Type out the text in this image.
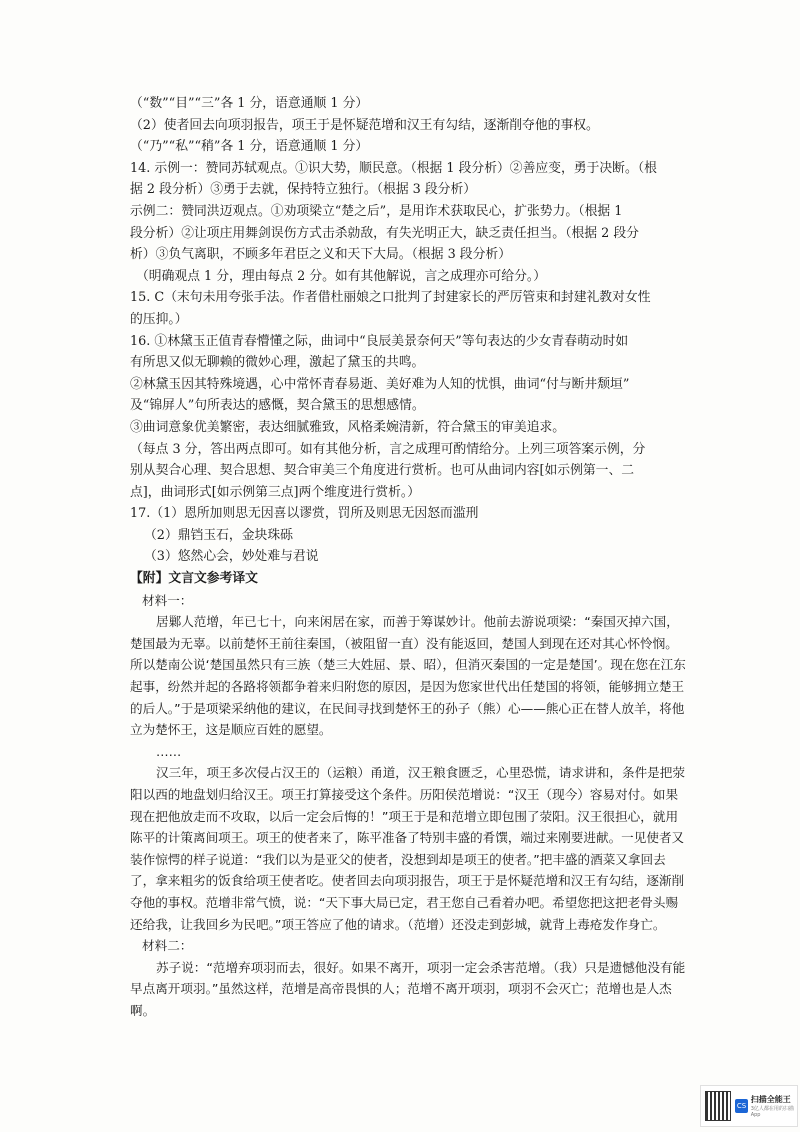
（“数”“目”“三”各 1 分，语意通顺 1 分）

（2）使者回去向项羽报告，项王于是怀疑范增和汉王有勾结，逐渐削夺他的事权。

（“乃”“私”“稍”各 1 分，语意通顺 1 分）

14. 示例一：赞同苏轼观点。①识大势，顺民意。（根据 1 段分析）②善应变，勇于决断。（根

据 2 段分析）③勇于去就，保持特立独行。（根据 3 段分析）

示例二：赞同洪迈观点。①劝项梁立“楚之后”，是用诈术获取民心，扩张势力。（根据 1

段分析）②让项庄用舞剑误伤方式击杀勍敌，有失光明正大，缺乏责任担当。（根据 2 段分

析）③负气离职，不顾多年君臣之义和天下大局。（根据 3 段分析）

（明确观点 1 分，理由每点 2 分。如有其他解说，言之成理亦可给分。）

15. C（末句未用夸张手法。作者借杜丽娘之口批判了封建家长的严厉管束和封建礼教对女性

的压抑。）

16. ①林黛玉正值青春懵懂之际，曲词中“良辰美景奈何天”等句表达的少女青春萌动时如

有所思又似无聊赖的微妙心理，激起了黛玉的共鸣。

②林黛玉因其特殊境遇，心中常怀青春易逝、美好难为人知的忧惧，曲词“付与断井颓垣”

及“锦屏人”句所表达的感慨，契合黛玉的思想感情。

③曲词意象优美繁密，表达细腻雅致，风格柔婉清新，符合黛玉的审美追求。

（每点 3 分，答出两点即可。如有其他分析，言之成理可酌情给分。上列三项答案示例，分

别从契合心理、契合思想、契合审美三个角度进行赏析。也可从曲词内容[如示例第一、二

点]，曲词形式[如示例第三点]两个维度进行赏析。）

17.（1）恩所加则思无因喜以谬赏，罚所及则思无因怒而滥刑

（2）鼎铛玉石，金块珠砾

（3）悠然心会，妙处难与君说

【附】文言文参考译文

材料一：

居鄛人范增，年已七十，向来闲居在家，而善于筹谋妙计。他前去游说项梁：“秦国灭掉六国，楚国最为无辜。以前楚怀王前往秦国，（被阻留一直）没有能返回，楚国人到现在还对其心怀怜悯。所以楚南公说‘楚国虽然只有三族（楚三大姓屈、景、昭），但消灭秦国的一定是楚国’。现在您在江东起事，纷然并起的各路将领都争着来归附您的原因，是因为您家世代出任楚国的将领，能够拥立楚王的后人。”于是项梁采纳他的建议，在民间寻找到楚怀王的孙子（熊）心——熊心正在替人放羊，将他立为楚怀王，这是顺应百姓的愿望。

……

汉三年，项王多次侵占汉王的（运粮）甬道，汉王粮食匮乏，心里恐慌，请求讲和，条件是把荥阳以西的地盘划归给汉王。项王打算接受这个条件。历阳侯范增说：“汉王（现今）容易对付。如果现在把他放走而不攻取，以后一定会后悔的！”项王于是和范增立即包围了荥阳。汉王很担心，就用陈平的计策离间项王。项王的使者来了，陈平准备了特别丰盛的肴馔，端过来刚要进献。一见使者又装作惊愕的样子说道：“我们以为是亚父的使者，没想到却是项王的使者。”把丰盛的酒菜又拿回去了，拿来粗劣的饭食给项王使者吃。使者回去向项羽报告，项王于是怀疑范增和汉王有勾结，逐渐削夺他的事权。范增非常气愤，说：“天下事大局已定，君王您自己看着办吧。希望您把这把老骨头赐还给我，让我回乡为民吧。”项王答应了他的请求。（范增）还没走到彭城，就背上毒疮发作身亡。

材料二：

苏子说：“范增弃项羽而去，很好。如果不离开，项羽一定会杀害范增。（我）只是遗憾他没有能早点离开项羽。”虽然这样，范增是高帝畏惧的人；范增不离开项羽，项羽不会灭亡；范增也是人杰啊。

CS
扫描全能王
3亿人都在用的扫描App
